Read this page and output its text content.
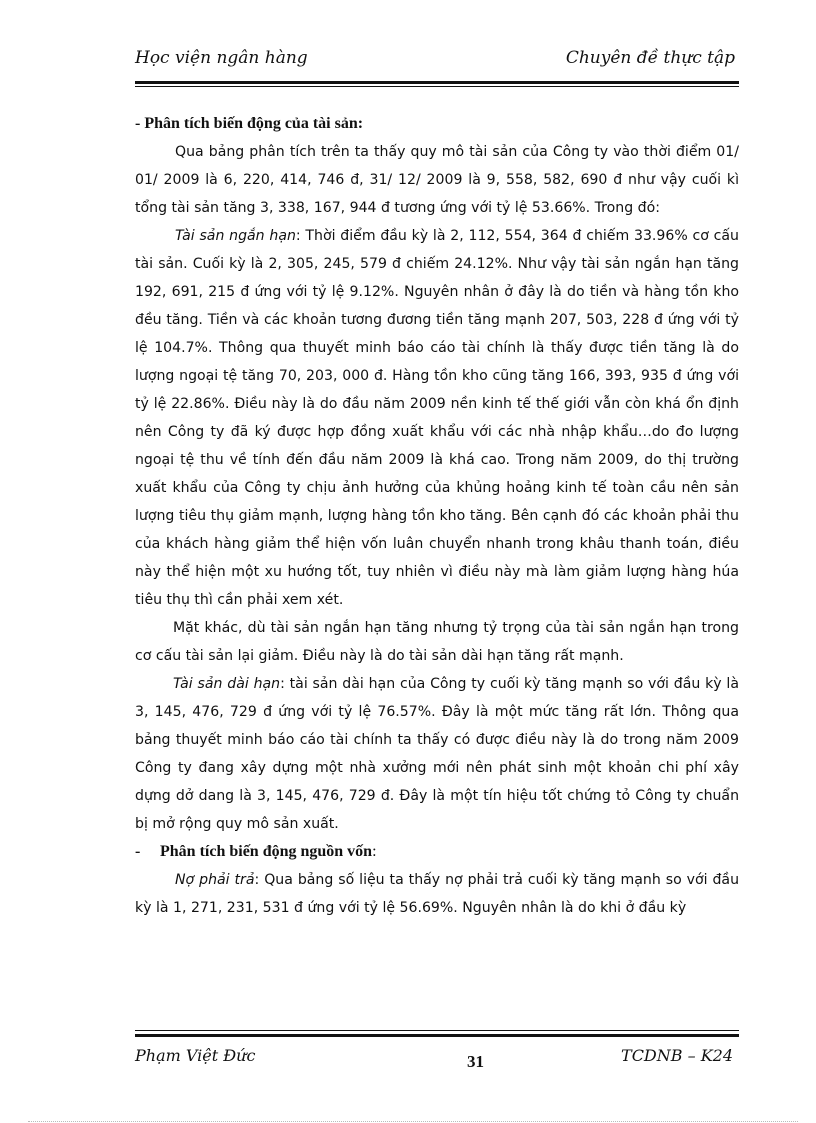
Học viện ngân hàng	Chuyên đề thực tập

- Phân tích biến động của tài sản:

Qua bảng phân tích trên ta thấy quy mô tài sản của Công ty vào thời điểm 01/ 01/ 2009 là 6, 220, 414, 746 đ, 31/ 12/ 2009 là 9, 558, 582, 690 đ như vậy cuối kì tổng tài sản tăng 3, 338, 167, 944 đ tương ứng với tỷ lệ 53.66%. Trong đó:

Tài sản ngắn hạn: Thời điểm đầu kỳ là 2, 112, 554, 364 đ chiếm 33.96% cơ cấu tài sản. Cuối kỳ là 2, 305, 245, 579 đ chiếm 24.12%. Như vậy tài sản ngắn hạn tăng 192, 691, 215 đ ứng với tỷ lệ 9.12%. Nguyên nhân ở đây là do tiền và hàng tồn kho đều tăng. Tiền và các khoản tương đương tiền tăng mạnh 207, 503, 228 đ ứng với tỷ lệ 104.7%. Thông qua thuyết minh báo cáo tài chính là thấy được tiền tăng là do lượng ngoại tệ tăng 70, 203, 000 đ. Hàng tồn kho cũng tăng 166, 393, 935 đ ứng với tỷ lệ 22.86%. Điều này là do đầu năm 2009 nền kinh tế thế giới vẫn còn khá ổn định nên Công ty đã ký được hợp đồng xuất khẩu với các nhà nhập khẩu…do đo lượng ngoại tệ thu về tính đến đầu năm 2009 là khá cao. Trong năm 2009, do thị trường xuất khẩu của Công ty chịu ảnh hưởng của khủng hoảng kinh tế toàn cầu nên sản lượng tiêu thụ giảm mạnh, lượng hàng tồn kho tăng. Bên cạnh đó các khoản phải thu của khách hàng giảm thể hiện vốn luân chuyển nhanh trong khâu thanh toán, điều này thể hiện một xu hướng tốt, tuy nhiên vì điều này mà làm giảm lượng hàng húa tiêu thụ thì cần phải xem xét.

Mặt khác, dù tài sản ngắn hạn tăng nhưng tỷ trọng của tài sản ngắn hạn trong cơ cấu tài sản lại giảm. Điều này là do tài sản dài hạn tăng rất mạnh.

Tài sản dài hạn: tài sản dài hạn của Công ty cuối kỳ tăng mạnh so với đầu kỳ là 3, 145, 476, 729 đ ứng với tỷ lệ 76.57%. Đây là một mức tăng rất lớn. Thông qua bảng thuyết minh báo cáo tài chính ta thấy có được điều này là do trong năm 2009 Công ty đang xây dựng một nhà xưởng mới nên phát sinh một khoản chi phí xây dựng dở dang là 3, 145, 476, 729 đ. Đây là một tín hiệu tốt chứng tỏ Công ty chuẩn bị mở rộng quy mô sản xuất.

- Phân tích biến động nguồn vốn:

Nợ phải trả: Qua bảng số liệu ta thấy nợ phải trả cuối kỳ tăng mạnh so với đầu kỳ là 1, 271, 231, 531 đ ứng với tỷ lệ 56.69%. Nguyên nhân là do khi ở đầu kỳ

Phạm Việt Đức	31	TCDNB – K24
